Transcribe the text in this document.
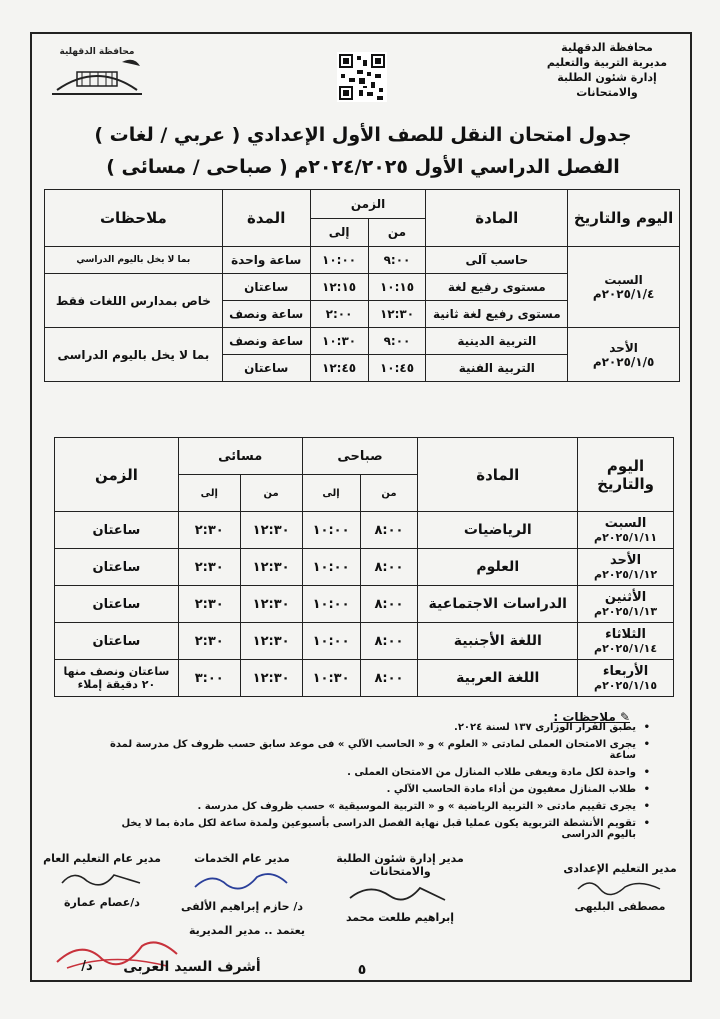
محافظة الدقهلية
مديرية التربية والتعليم
إدارة شئون الطلبة والامتحانات
محافظة الدقهلية
جدول امتحان النقل للصف الأول الإعدادي ( عربي / لغات )
الفصل الدراسي الأول ٢٠٢٤/٢٠٢٥م ( صباحى / مسائى )
اليوم والتاريخ	المادة	الزمن		المدة	ملاحظات
		من	إلى		

السبت
٢٠٢٥/١/٤م	حاسب آلى	٩:٠٠	١٠:٠٠	ساعة واحدة	بما لا يخل باليوم الدراسي
	مستوى رفيع لغة	١٠:١٥	١٢:١٥	ساعتان	خاص بمدارس اللغات فقط
	مستوى رفيع لغة ثانية	١٢:٣٠	٢:٠٠	ساعة ونصف	

الأحد
٢٠٢٥/١/٥م	التربية الدينية	٩:٠٠	١٠:٣٠	ساعة ونصف	بما لا يخل باليوم الدراسى
	التربية الفنية	١٠:٤٥	١٢:٤٥	ساعتان	
اليوم والتاريخ	المادة	صباحى		مسائى		الزمن
		من	إلى	من	إلى	

السبت
٢٠٢٥/١/١١م	الرياضيات	٨:٠٠	١٠:٠٠	١٢:٣٠	٢:٣٠	ساعتان

الأحد
٢٠٢٥/١/١٢م	العلوم	٨:٠٠	١٠:٠٠	١٢:٣٠	٢:٣٠	ساعتان

الأثنين
٢٠٢٥/١/١٣م	الدراسات الاجتماعية	٨:٠٠	١٠:٠٠	١٢:٣٠	٢:٣٠	ساعتان

الثلاثاء
٢٠٢٥/١/١٤م	اللغة الأجنبية	٨:٠٠	١٠:٠٠	١٢:٣٠	٢:٣٠	ساعتان

الأربعاء
٢٠٢٥/١/١٥م	اللغة العربية	٨:٠٠	١٠:٣٠	١٢:٣٠	٣:٠٠	ساعتان ونصف منها ٢٠ دقيقة إملاء
✎ ملاحظات :
• يطبق القرار الوزارى ١٣٧ لسنة ٢٠٢٤.
• يجرى الامتحان العملى لمادتى « العلوم » و « الحاسب الآلي » فى موعد سابق حسب ظروف كل مدرسة لمدة ساعة
• واحدة لكل مادة ويعفى طلاب المنازل من الامتحان العملى .
• طلاب المنازل معفيون من أداء مادة الحاسب الآلي .
• يجرى تقييم مادتى « التربية الرياضية » و « التربية الموسيقية » حسب ظروف كل مدرسة .
• تقويم الأنشطة التربوية يكون عمليا قبل نهاية الفصل الدراسى بأسبوعين ولمدة ساعة لكل مادة بما لا يخل باليوم الدراسى
مدير التعليم الإعدادى
مصطفى البليهى
مدير إدارة شئون الطلبة والامتحانات
إبراهيم طلعت محمد
مدير عام الخدمات
د/ حازم إبراهيم الألفى
مدير عام التعليم العام
د/عصام عمارة
يعتمد .. مدير المديرية
د/	أشرف السيد العربى	٥
